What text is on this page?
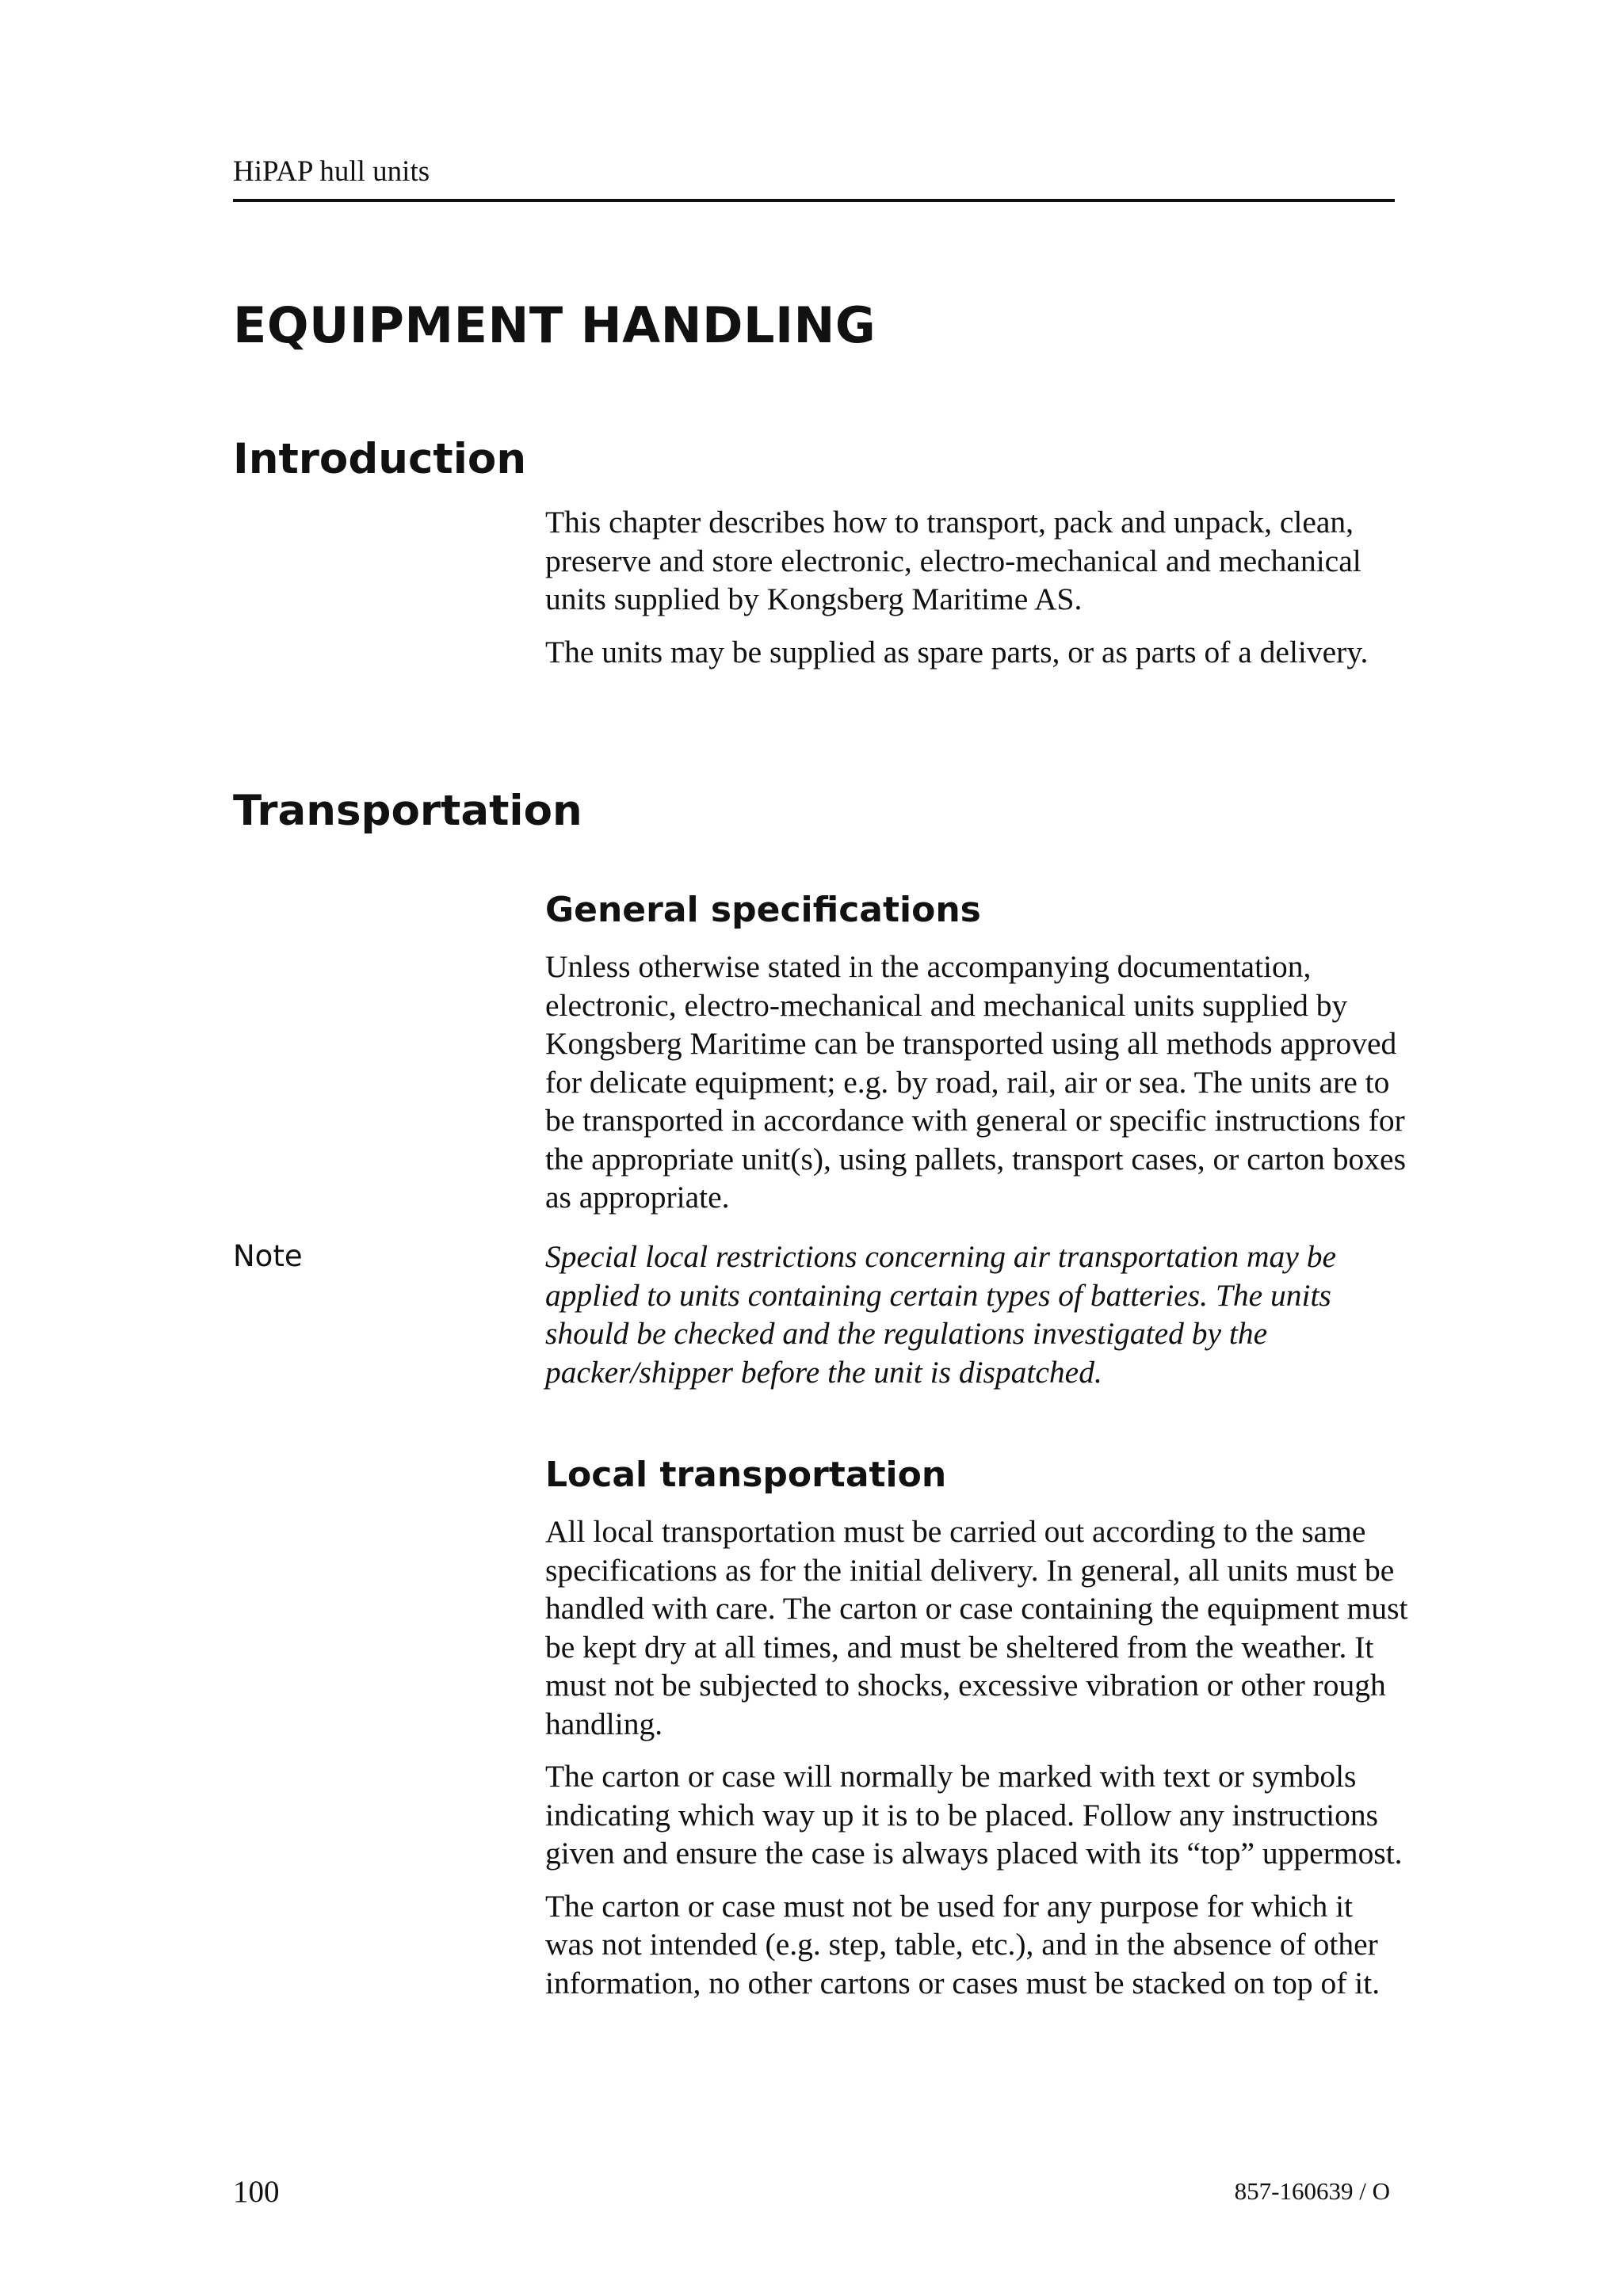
HiPAP hull units
EQUIPMENT HANDLING
Introduction

This chapter describes how to transport, pack and unpack, clean, preserve and store electronic, electro-mechanical and mechanical units supplied by Kongsberg Maritime AS.

The units may be supplied as spare parts, or as parts of a delivery.

Transportation
General specifications

Unless otherwise stated in the accompanying documentation, electronic, electro-mechanical and mechanical units supplied by Kongsberg Maritime can be transported using all methods approved for delicate equipment; e.g. by road, rail, air or sea. The units are to be transported in accordance with general or specific instructions for the appropriate unit(s), using pallets, transport cases, or carton boxes as appropriate.

Note	Special local restrictions concerning air transportation may be applied to units containing certain types of batteries. The units should be checked and the regulations investigated by the packer/shipper before the unit is dispatched.

Local transportation

All local transportation must be carried out according to the same specifications as for the initial delivery. In general, all units must be handled with care. The carton or case containing the equipment must be kept dry at all times, and must be sheltered from the weather. It must not be subjected to shocks, excessive vibration or other rough handling.

The carton or case will normally be marked with text or symbols indicating which way up it is to be placed. Follow any instructions given and ensure the case is always placed with its “top” uppermost.

The carton or case must not be used for any purpose for which it was not intended (e.g. step, table, etc.), and in the absence of other information, no other cartons or cases must be stacked on top of it.

100	857-160639 / O
